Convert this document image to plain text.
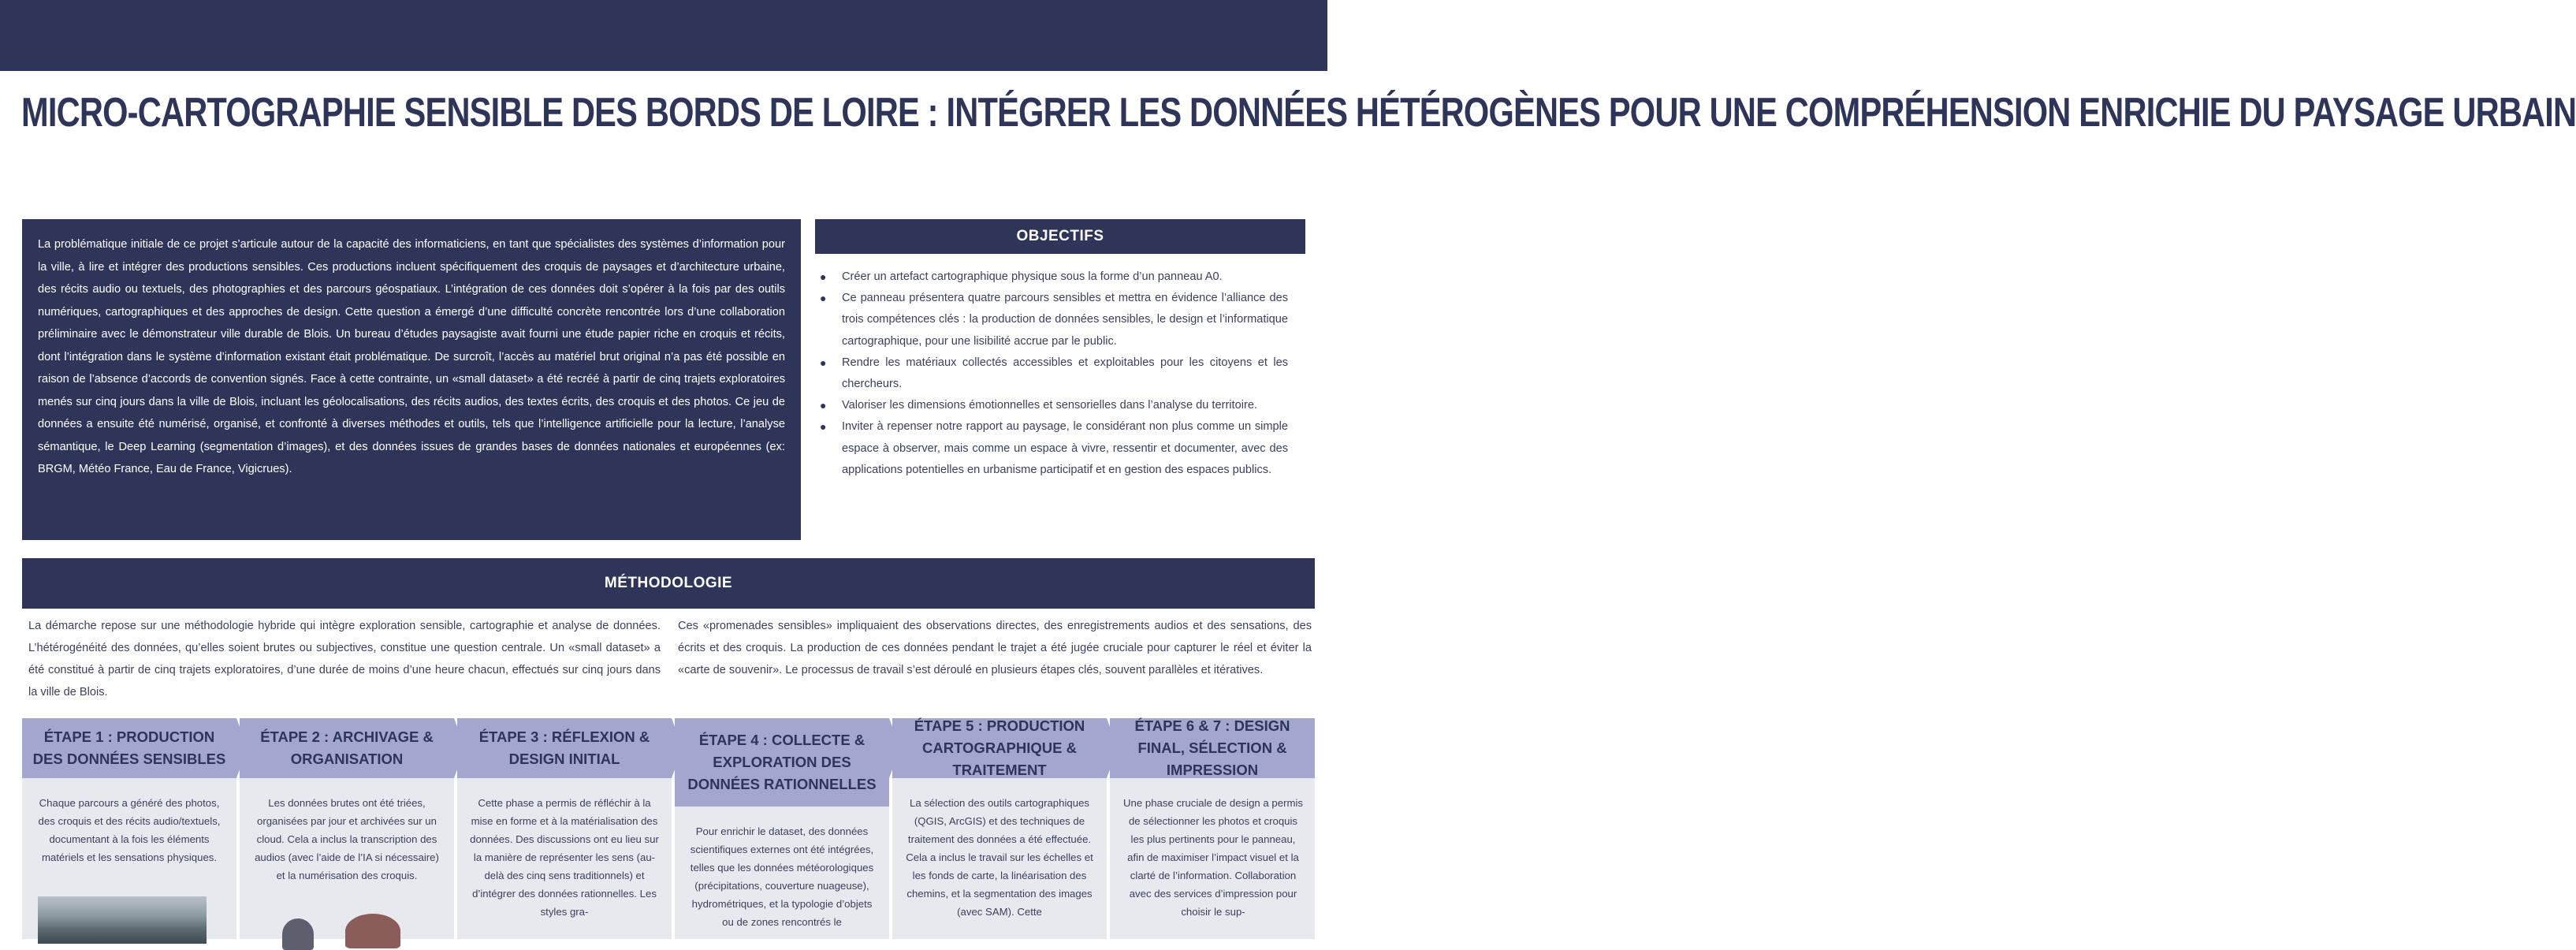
MICRO-CARTOGRAPHIE SENSIBLE DES BORDS DE LOIRE : INTÉGRER LES DONNÉES HÉTÉROGÈNES POUR UNE COMPRÉHENSION ENRICHIE DU PAYSAGE URBAIN
La problématique initiale de ce projet s’articule autour de la capacité des informaticiens, en tant que spécialistes des systèmes d’information pour la ville, à lire et intégrer des productions sensibles. Ces productions incluent spécifiquement des croquis de paysages et d’architecture urbaine, des récits audio ou textuels, des photographies et des parcours géospatiaux. L’intégration de ces données doit s’opérer à la fois par des outils numériques, cartographiques et des approches de design. Cette question a émergé d’une difficulté concrète rencontrée lors d’une collaboration préliminaire avec le démonstrateur ville durable de Blois. Un bureau d’études paysagiste avait fourni une étude papier riche en croquis et récits, dont l’intégration dans le système d’information existant était problématique. De surcroît, l’accès au matériel brut original n’a pas été possible en raison de l’absence d’accords de convention signés. Face à cette contrainte, un «small dataset» a été recréé à partir de cinq trajets exploratoires menés sur cinq jours dans la ville de Blois, incluant les géolocalisations, des récits audios, des textes écrits, des croquis et des photos. Ce jeu de données a ensuite été numérisé, organisé, et confronté à diverses méthodes et outils, tels que l’intelligence artificielle pour la lecture, l’analyse sémantique, le Deep Learning (segmentation d’images), et des données issues de grandes bases de données nationales et européennes (ex: BRGM, Météo France, Eau de France, Vigicrues).
OBJECTIFS
● Créer un artefact cartographique physique sous la forme d’un panneau A0.
● Ce panneau présentera quatre parcours sensibles et mettra en évidence l’alliance des trois compétences clés : la production de données sensibles, le design et l’informatique cartographique, pour une lisibilité accrue par le public.
● Rendre les matériaux collectés accessibles et exploitables pour les citoyens et les chercheurs.
● Valoriser les dimensions émotionnelles et sensorielles dans l’analyse du territoire.
● Inviter à repenser notre rapport au paysage, le considérant non plus comme un simple espace à observer, mais comme un espace à vivre, ressentir et documenter, avec des applications potentielles en urbanisme participatif et en gestion des espaces publics.
MÉTHODOLOGIE
La démarche repose sur une méthodologie hybride qui intègre exploration sensible, cartographie et analyse de données. L’hétérogénéité des données, qu’elles soient brutes ou subjectives, constitue une question centrale. Un «small dataset» a été constitué à partir de cinq trajets exploratoires, d’une durée de moins d’une heure chacun, effectués sur cinq jours dans la ville de Blois.
Ces «promenades sensibles» impliquaient des observations directes, des enregistrements audios et des sensations, des écrits et des croquis. La production de ces données pendant le trajet a été jugée cruciale pour capturer le réel et éviter la «carte de souvenir». Le processus de travail s’est déroulé en plusieurs étapes clés, souvent parallèles et itératives.
ÉTAPE 1 : PRODUCTION DES DONNÉES SENSIBLES
Chaque parcours a généré des photos, des croquis et des récits audio/textuels, documentant à la fois les éléments matériels et les sensations physiques.
ÉTAPE 2 : ARCHIVAGE & ORGANISATION
Les données brutes ont été triées, organisées par jour et archivées sur un cloud. Cela a inclus la transcription des audios (avec l’aide de l’IA si nécessaire) et la numérisation des croquis.
ÉTAPE 3 : RÉFLEXION & DESIGN INITIAL
Cette phase a permis de réfléchir à la mise en forme et à la matérialisation des données. Des discussions ont eu lieu sur la manière de représenter les sens (au-delà des cinq sens traditionnels) et d’intégrer des données rationnelles. Les styles gra-
ÉTAPE 4 : COLLECTE & EXPLORATION DES DONNÉES RATIONNELLES
Pour enrichir le dataset, des données scientifiques externes ont été intégrées, telles que les données météorologiques (précipitations, couverture nuageuse), hydrométriques, et la typologie d’objets ou de zones rencontrés le
ÉTAPE 5 : PRODUCTION CARTOGRAPHIQUE & TRAITEMENT
La sélection des outils cartographiques (QGIS, ArcGIS) et des techniques de traitement des données a été effectuée. Cela a inclus le travail sur les échelles et les fonds de carte, la linéarisation des chemins, et la segmentation des images (avec SAM). Cette
ÉTAPE 6 & 7 : DESIGN FINAL, SÉLECTION & IMPRESSION
Une phase cruciale de design a permis de sélectionner les photos et croquis les plus pertinents pour le panneau, afin de maximiser l’impact visuel et la clarté de l’information. Collaboration avec des services d’impression pour choisir le sup-
